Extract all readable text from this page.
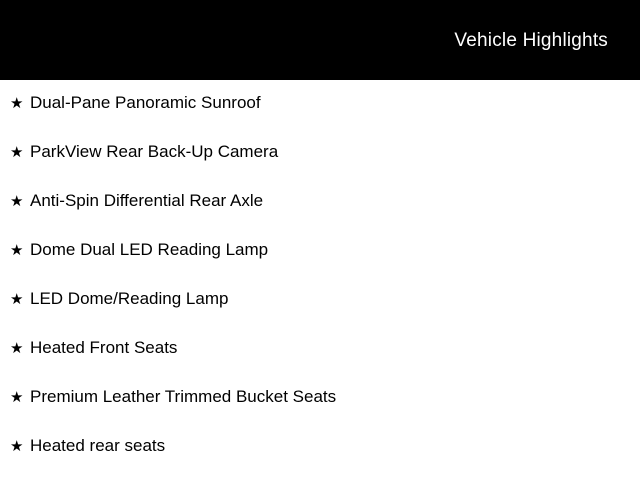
Vehicle Highlights
★ Dual-Pane Panoramic Sunroof
★ ParkView Rear Back-Up Camera
★ Anti-Spin Differential Rear Axle
★ Dome Dual LED Reading Lamp
★ LED Dome/Reading Lamp
★ Heated Front Seats
★ Premium Leather Trimmed Bucket Seats
★ Heated rear seats
